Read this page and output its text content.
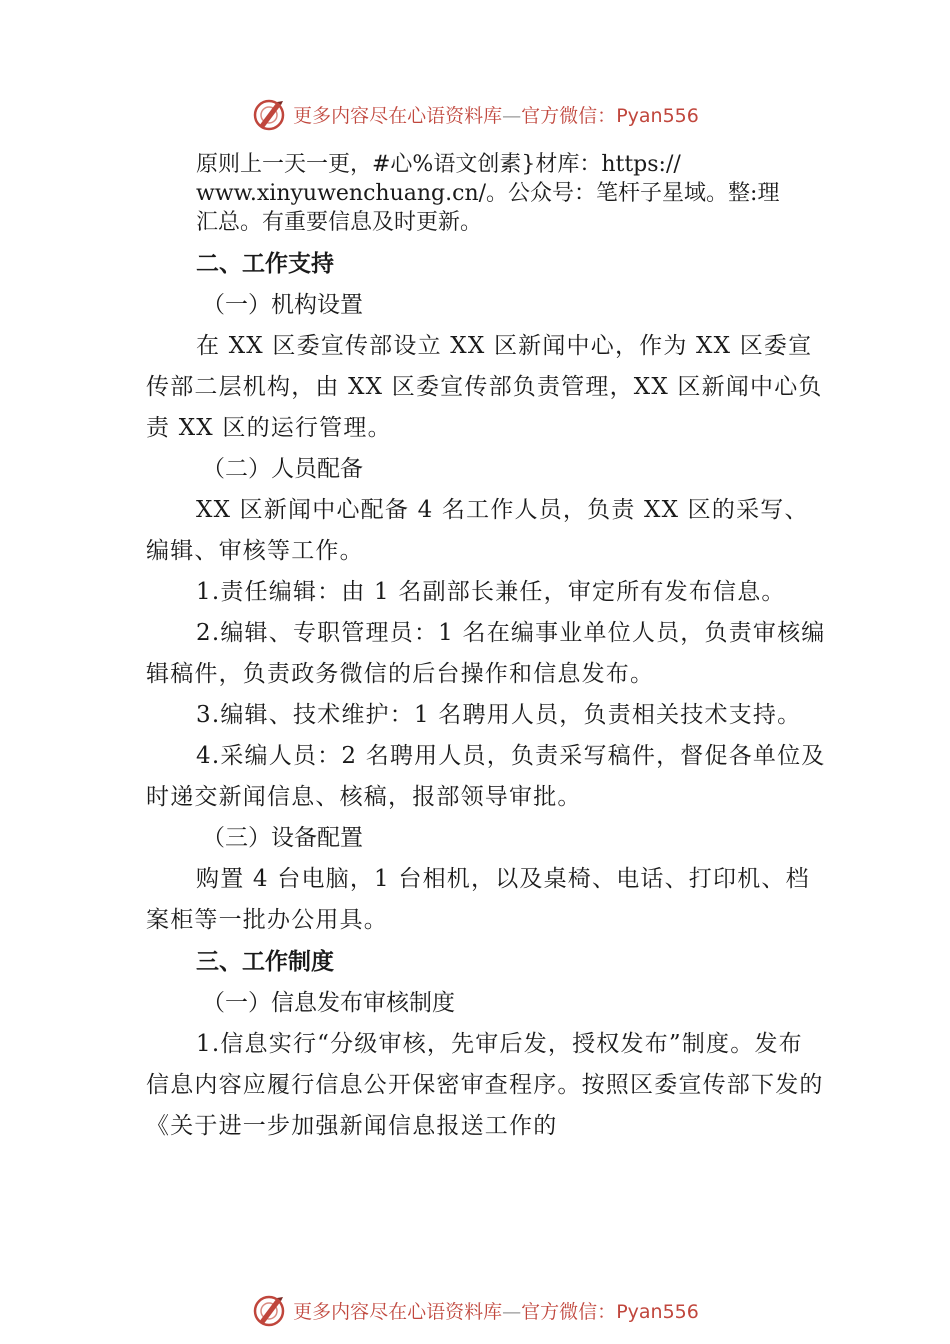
更多内容尽在心语资料库—官方微信：Pyan556
原则上一天一更，#心%语文创素}材库：https://
www.xinyuwenchuang.cn/。公众号：笔杆子星域。整:理
汇总。有重要信息及时更新。

二、工作支持

（一）机构设置

在 XX 区委宣传部设立 XX 区新闻中心，作为 XX 区委宣传部二层机构，由 XX 区委宣传部负责管理，XX 区新闻中心负责 XX 区的运行管理。

（二）人员配备

XX 区新闻中心配备 4 名工作人员，负责 XX 区的采写、编辑、审核等工作。

1.责任编辑：由 1 名副部长兼任，审定所有发布信息。

2.编辑、专职管理员：1 名在编事业单位人员，负责审核编辑稿件，负责政务微信的后台操作和信息发布。

3.编辑、技术维护：1 名聘用人员，负责相关技术支持。

4.采编人员：2 名聘用人员，负责采写稿件，督促各单位及时递交新闻信息、核稿，报部领导审批。

（三）设备配置

购置 4 台电脑，1 台相机，以及桌椅、电话、打印机、档案柜等一批办公用具。

三、工作制度

（一）信息发布审核制度

1.信息实行“分级审核，先审后发，授权发布”制度。发布信息内容应履行信息公开保密审查程序。按照区委宣传部下发的《关于进一步加强新闻信息报送工作的

更多内容尽在心语资料库—官方微信：Pyan556
